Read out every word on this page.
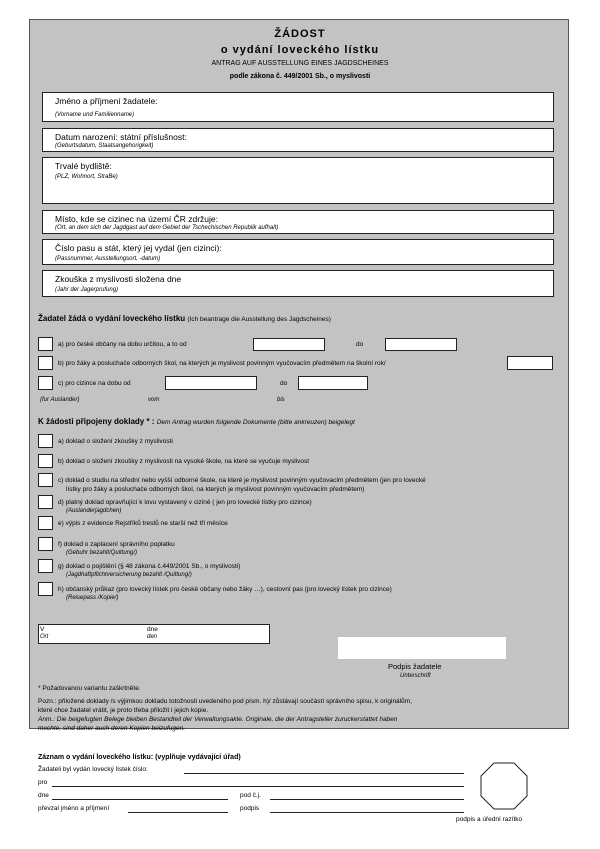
ŽÁDOST
o vydání loveckého lístku
ANTRAG AUF AUSSTELLUNG EINES JAGDSCHEINES
podle zákona č. 449/2001 Sb., o myslivosti
Jméno a příjmení žadatele:
(Vorname und Familienname)
Datum narození: státní příslušnost:
(Geburtsdatum, Staatsangehorigkeit)
Trvalé bydliště:
(PLZ, Wohnort, StraBe)
Místo, kde se cizinec na území ČR zdržuje:
(Ort, an dem sich der Jagdgast auf dem Gebiet der Tschechischen Republik aufhalt)
Číslo pasu a stát, který jej vydal (jen cizinci):
(Passnummer, Ausstellungsort, -datum)
Zkouška z myslivosti složena dne
(Jahr der Jagerprufung)
Žadatel žádá o vydání loveckého lístku (Ich beantrage die Ausstellung des Jagdscheines)
a) pro české občany na dobu určitou, a to od	do
b) pro žáky a posluchače odborných škol, na kterých je myslivost povinným vyučovacím předmětem na školní rok/
c) pro cizince na dobu od	do
(fur Auslander)	vom	bis
K žádosti připojeny doklady * : Dem Antrag wurden folgende Dokumente (bitte ankreuzen) beigelegt
a) doklad o složení zkoušky z myslivosti
b) doklad o složení zkoušky z myslivosti na vysoké škole, na které se vyučuje myslivost
c) doklad o studiu na střední nebo vyšší odborné škole, na které je myslivost povinným vyučovacím předmětem (jen pro lovecké
lístky pro žáky a posluchače odborných škol, na kterých je myslivost povinným vyučovacím předmětem)
d) platný doklad opravňující k lovu vystavený v cizině ( jen pro lovecké lístky pro cizince)
(Auslanderjagdchen)
e) výpis z evidence Rejstříků trestů ne starší než tři měsíce
f) doklad o zaplacení správního poplatku
(Gebuhr bezahlt/Quittung/)
g) doklad o pojištění (§ 48 zákona č.449/2001 Sb., o myslivosti)
(Jagdhaftpflichtversicherung bezahlt /Quittung/)
h) občanský průkaz (pro lovecký lístek pro české občany nebo žáky …), cestovní pas (pro lovecký lístek pro cizince)
(Reisepass /Kopie/)
V
Ort
dne
den
Podpis žadatele
Unterschrift
* Požadovanou variantu zaškrtněte.
Pozn.: přiložené doklady /s výjimkou dokladu totožnosti uvedeného pod písm. h)/ zůstávají součástí správního spisu, k originálům,
které chce žadatel vrátit, je proto třeba přiložit i jejich kopie.
Anm.: Die beigefugten Belege bleiben Bestandteil der Verwaltungsakte. Originale, die der Antragsteller zuruckerstattet haben
mochte, sind daher auch deren Kopien beizufugen.
Záznam o vydání loveckého lístku: (vyplňuje vydávající úřad)
Žadateli byl vydán lovecký lístek číslo:
pro
dne	pod č.j.
převzal jméno a příjmení	podpis
podpis a úřední razítko
